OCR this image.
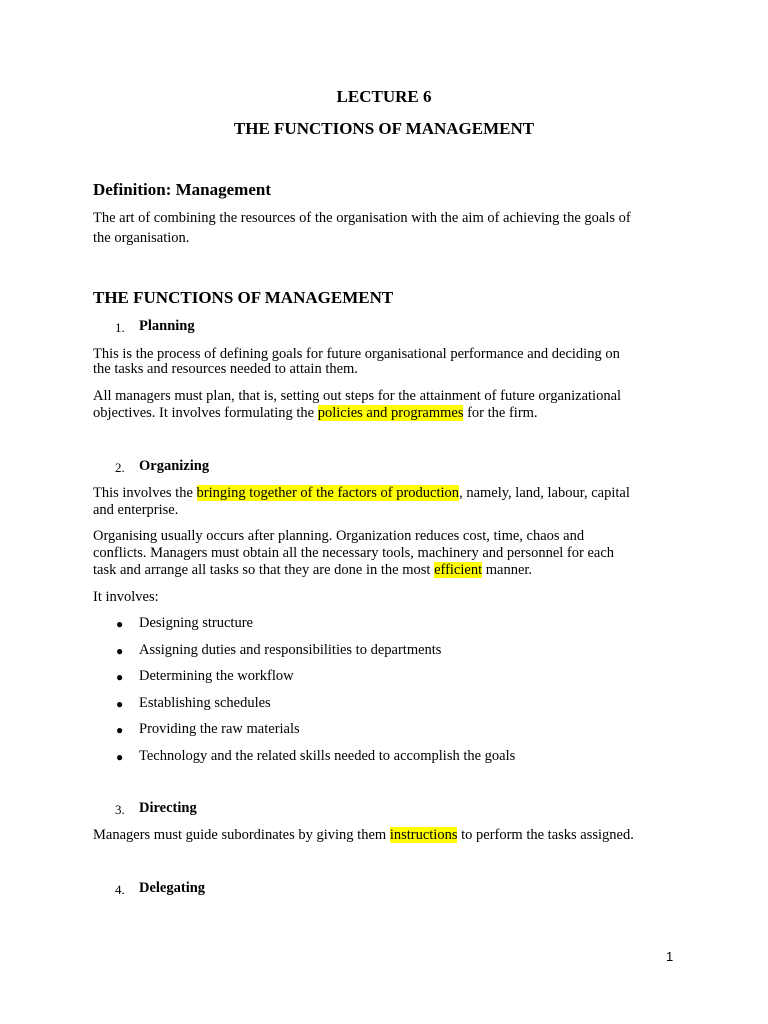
LECTURE 6
THE FUNCTIONS OF MANAGEMENT
Definition: Management
The art of combining the resources of the organisation with the aim of achieving the goals of
the organisation.
THE FUNCTIONS OF MANAGEMENT
1. Planning
This is the process of defining goals for future organisational performance and deciding on
the tasks and resources needed to attain them.
All managers must plan, that is, setting out steps for the attainment of future organizational
objectives. It involves formulating the policies and programmes for the firm.
2. Organizing
This involves the bringing together of the factors of production, namely, land, labour, capital
and enterprise.
Organising usually occurs after planning. Organization reduces cost, time, chaos and
conflicts. Managers must obtain all the necessary tools, machinery and personnel for each
task and arrange all tasks so that they are done in the most efficient manner.
It involves:
● Designing structure
● Assigning duties and responsibilities to departments
● Determining the workflow
● Establishing schedules
● Providing the raw materials
● Technology and the related skills needed to accomplish the goals
3. Directing
Managers must guide subordinates by giving them instructions to perform the tasks assigned.
4. Delegating
1
